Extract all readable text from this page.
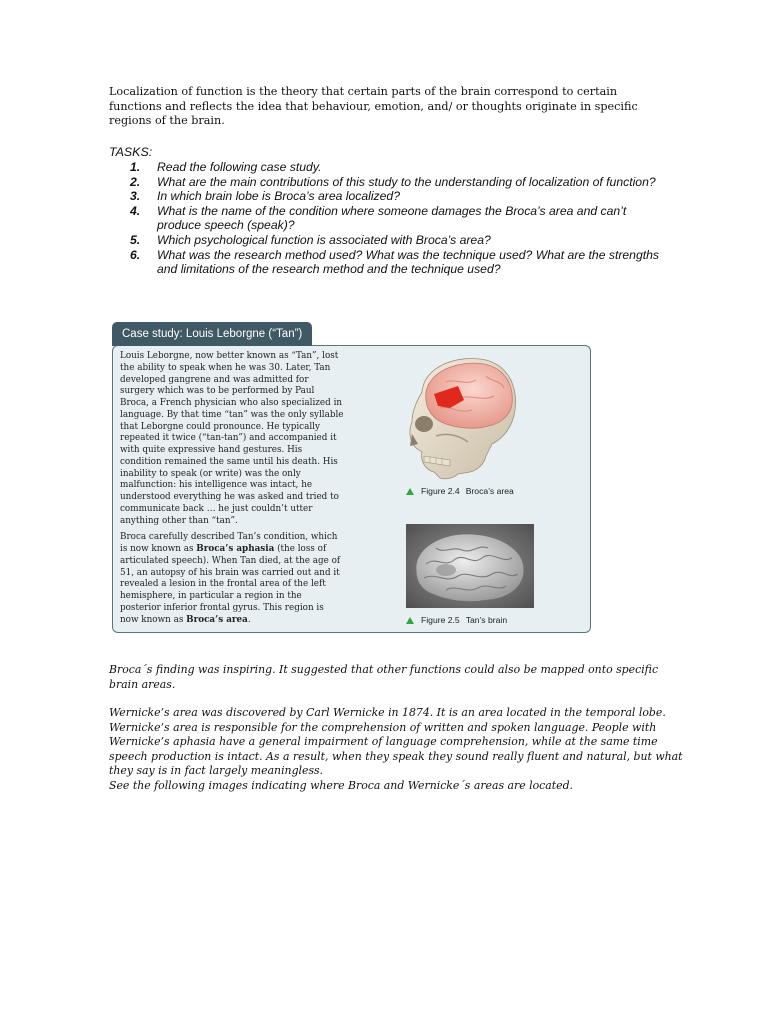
Localization of function is the theory that certain parts of the brain correspond to certain functions and reflects the idea that behaviour, emotion, and/ or thoughts originate in specific regions of the brain.
TASKS:
1. Read the following case study.
2. What are the main contributions of this study to the understanding of localization of function?
3. In which brain lobe is Broca’s area localized?
4. What is the name of the condition where someone damages the Broca’s area and can’t produce speech (speak)?
5. Which psychological function is associated with Broca’s area?
6. What was the research method used? What was the technique used? What are the strengths and limitations of the research method and the technique used?
Case study: Louis Leborgne (“Tan”)

Louis Leborgne, now better known as “Tan”, lost the ability to speak when he was 30. Later, Tan developed gangrene and was admitted for surgery which was to be performed by Paul Broca, a French physician who also specialized in language. By that time “tan” was the only syllable that Leborgne could pronounce. He typically repeated it twice (“tan-tan”) and accompanied it with quite expressive hand gestures. His condition remained the same until his death. His inability to speak (or write) was the only malfunction: his intelligence was intact, he understood everything he was asked and tried to communicate back … he just couldn’t utter anything other than “tan”.

Broca carefully described Tan’s condition, which is now known as Broca’s aphasia (the loss of articulated speech). When Tan died, at the age of 51, an autopsy of his brain was carried out and it revealed a lesion in the frontal area of the left hemisphere, in particular a region in the posterior inferior frontal gyrus. This region is now known as Broca’s area.

Figure 2.4 Broca’s area
Figure 2.5 Tan’s brain
Broca´s finding was inspiring. It suggested that other functions could also be mapped onto specific brain areas.
Wernicke’s area was discovered by Carl Wernicke in 1874. It is an area located in the temporal lobe.
Wernicke’s area is responsible for the comprehension of written and spoken language. People with
Wernicke’s aphasia have a general impairment of language comprehension, while at the same time
speech production is intact. As a result, when they speak they sound really fluent and natural, but what
they say is in fact largely meaningless.
See the following images indicating where Broca and Wernicke´s areas are located.
